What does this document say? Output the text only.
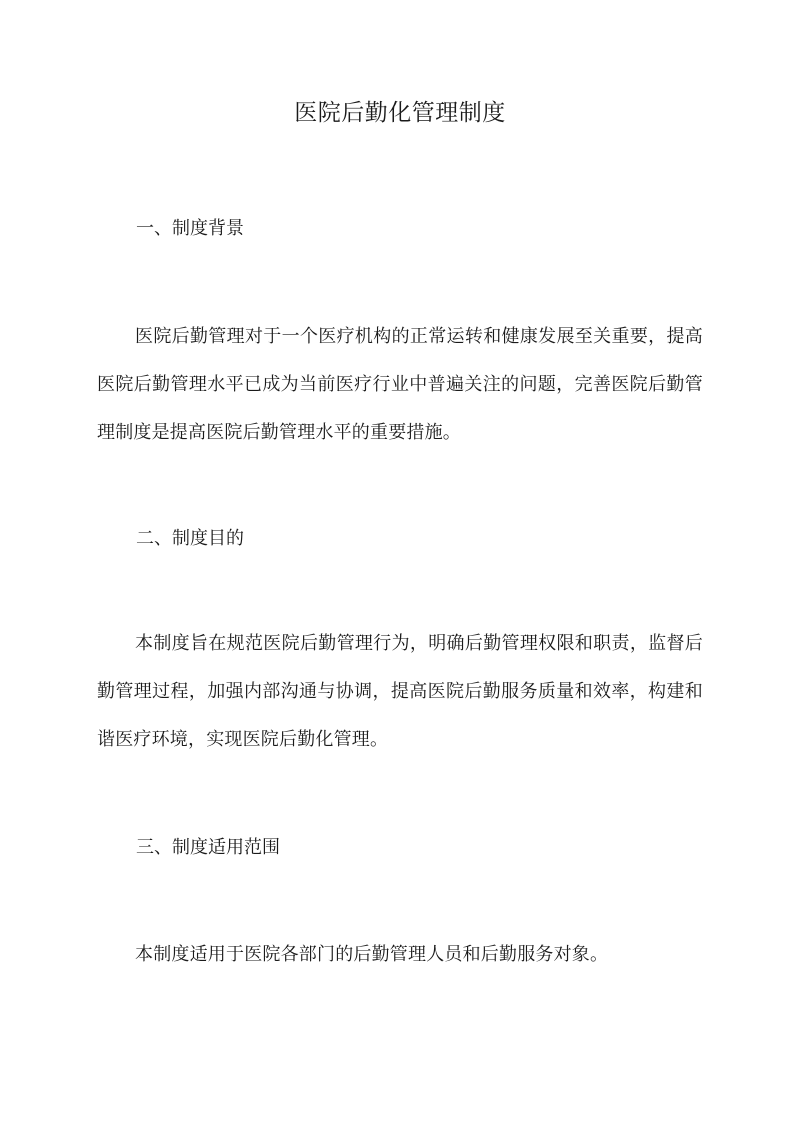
医院后勤化管理制度
一、制度背景
医院后勤管理对于一个医疗机构的正常运转和健康发展至关重要，提高医院后勤管理水平已成为当前医疗行业中普遍关注的问题，完善医院后勤管理制度是提高医院后勤管理水平的重要措施。
二、制度目的
本制度旨在规范医院后勤管理行为，明确后勤管理权限和职责，监督后勤管理过程，加强内部沟通与协调，提高医院后勤服务质量和效率，构建和谐医疗环境，实现医院后勤化管理。
三、制度适用范围
本制度适用于医院各部门的后勤管理人员和后勤服务对象。
